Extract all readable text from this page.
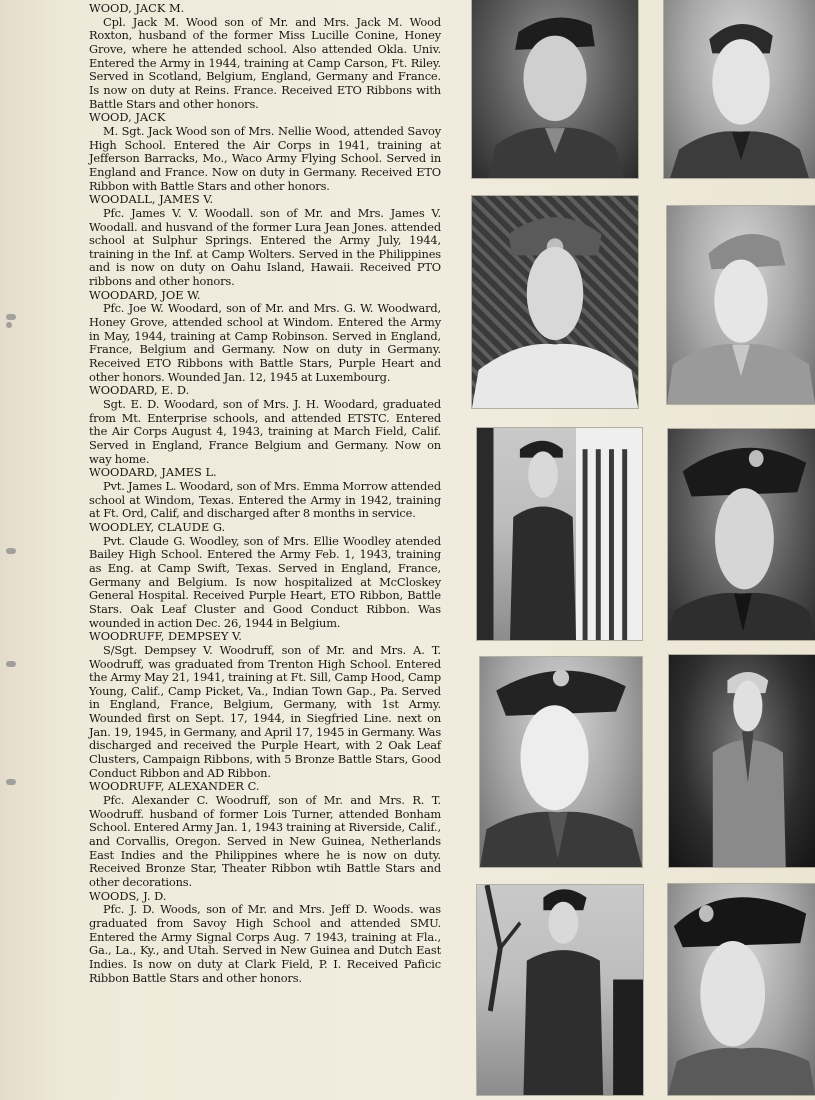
WOOD, JACK M.
Cpl. Jack M. Wood son of Mr. and Mrs. Jack M. Wood Roxton, husband of the former Miss Lucille Conine, Honey Grove, where he attended school. Also attended Okla. Univ. Entered the Army in 1944, training at Camp Carson, Ft. Riley. Served in Scotland, Belgium, England, Germany and France. Is now on duty at Reins. France. Received ETO Ribbons with Battle Stars and other honors.
WOOD, JACK
M. Sgt. Jack Wood son of Mrs. Nellie Wood, attended Savoy High School. Entered the Air Corps in 1941, training at Jefferson Barracks, Mo., Waco Army Flying School. Served in England and France. Now on duty in Germany. Received ETO Ribbon with Battle Stars and other honors.
WOODALL, JAMES V.
Pfc. James V. V. Woodall. son of Mr. and Mrs. James V. Woodall. and husvand of the former Lura Jean Jones. attended school at Sulphur Springs. Entered the Army July, 1944, training in the Inf. at Camp Wolters. Served in the Philippines and is now on duty on Oahu Island, Hawaii. Received PTO ribbons and other honors.
WOODARD, JOE W.
Pfc. Joe W. Woodard, son of Mr. and Mrs. G. W. Woodward, Honey Grove, attended school at Windom. Entered the Army in May, 1944, training at Camp Robinson. Served in England, France, Belgium and Germany. Now on duty in Germany. Received ETO Ribbons with Battle Stars, Purple Heart and other honors. Wounded Jan. 12, 1945 at Luxembourg.
WOODARD, E. D.
Sgt. E. D. Woodard, son of Mrs. J. H. Woodard, graduated from Mt. Enterprise schools, and attended ETSTC. Entered the Air Corps August 4, 1943, training at March Field, Calif. Served in England, France Belgium and Germany. Now on way home.
WOODARD, JAMES L.
Pvt. James L. Woodard, son of Mrs. Emma Morrow attended school at Windom, Texas. Entered the Army in 1942, training at Ft. Ord, Calif, and discharged after 8 months in service.
WOODLEY, CLAUDE G.
Pvt. Claude G. Woodley, son of Mrs. Ellie Woodley atended Bailey High School. Entered the Army Feb. 1, 1943, training as Eng. at Camp Swift, Texas. Served in England, France, Germany and Belgium. Is now hospitalized at McCloskey General Hospital. Received Purple Heart, ETO Ribbon, Battle Stars. Oak Leaf Cluster and Good Conduct Ribbon. Was wounded in action Dec. 26, 1944 in Belgium.
WOODRUFF, DEMPSEY V.
S/Sgt. Dempsey V. Woodruff, son of Mr. and Mrs. A. T. Woodruff, was graduated from Trenton High School. Entered the Army May 21, 1941, training at Ft. Sill, Camp Hood, Camp Young, Calif., Camp Picket, Va., Indian Town Gap., Pa. Served in England, France, Belgium, Germany, with 1st Army. Wounded first on Sept. 17, 1944, in Siegfried Line. next on Jan. 19, 1945, in Germany, and April 17, 1945 in Germany. Was discharged and received the Purple Heart, with 2 Oak Leaf Clusters, Campaign Ribbons, with 5 Bronze Battle Stars, Good Conduct Ribbon and AD Ribbon.
WOODRUFF, ALEXANDER C.
Pfc. Alexander C. Woodruff, son of Mr. and Mrs. R. T. Woodruff. husband of former Lois Turner, attended Bonham School. Entered Army Jan. 1, 1943 training at Riverside, Calif., and Corvallis, Oregon. Served in New Guinea, Netherlands East Indies and the Philippines where he is now on duty. Received Bronze Star, Theater Ribbon wtih Battle Stars and other decorations.
WOODS, J. D.
Pfc. J. D. Woods, son of Mr. and Mrs. Jeff D. Woods. was graduated from Savoy High School and attended SMU. Entered the Army Signal Corps Aug. 7 1943, training at Fla., Ga., La., Ky., and Utah. Served in New Guinea and Dutch East Indies. Is now on duty at Clark Field, P. I. Received Paficic Ribbon Battle Stars and other honors.
